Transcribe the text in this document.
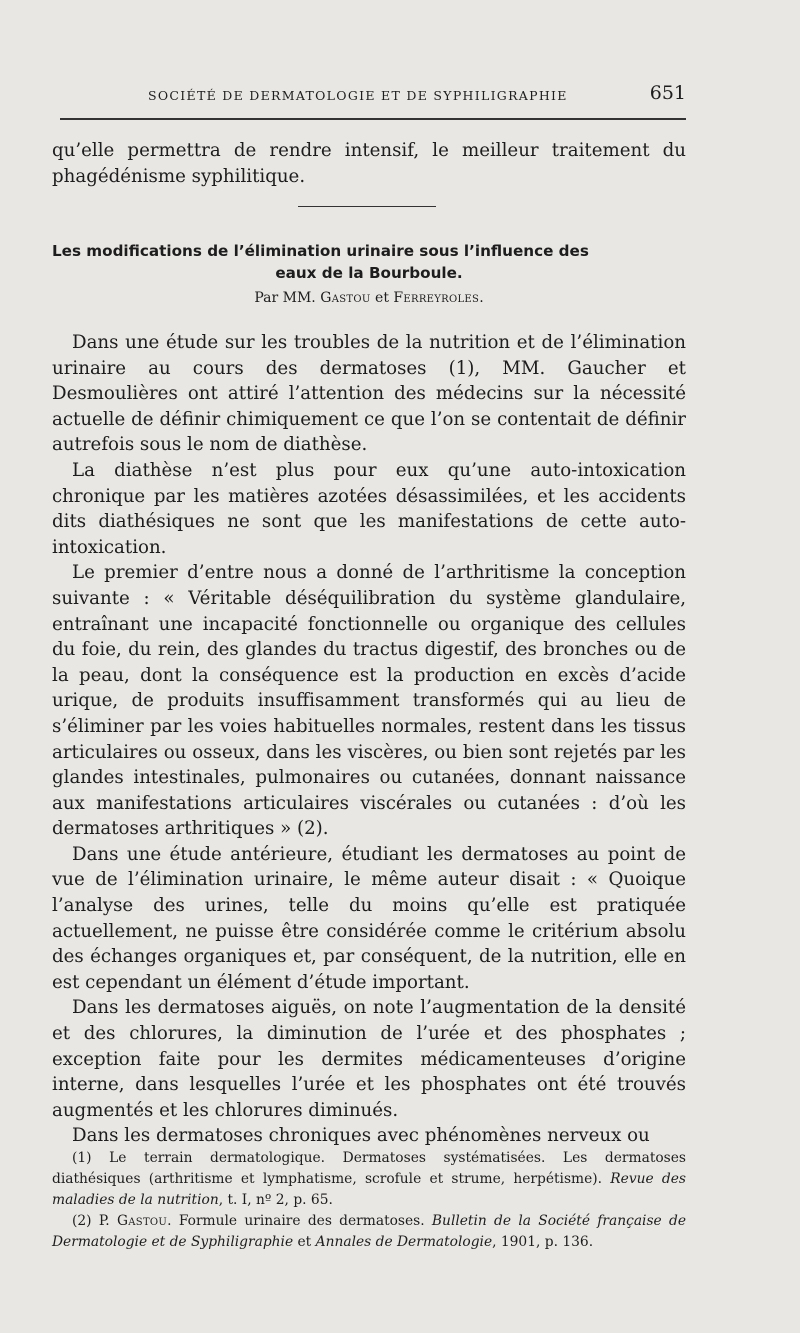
SOCIÉTÉ DE DERMATOLOGIE ET DE SYPHILIGRAPHIE	651

qu’elle permettra de rendre intensif, le meilleur traitement du phagédénisme syphilitique.

Les modifications de l’élimination urinaire sous l’influence des
eaux de la Bourboule.
Par MM. Gastou et Ferreyroles.

Dans une étude sur les troubles de la nutrition et de l’élimination urinaire au cours des dermatoses (1), MM. Gaucher et Desmoulières ont attiré l’attention des médecins sur la nécessité actuelle de définir chimiquement ce que l’on se contentait de définir autrefois sous le nom de diathèse.

La diathèse n’est plus pour eux qu’une auto-intoxication chronique par les matières azotées désassimilées, et les accidents dits diathésiques ne sont que les manifestations de cette auto-intoxication.

Le premier d’entre nous a donné de l’arthritisme la conception suivante : « Véritable déséquilibration du système glandulaire, entraînant une incapacité fonctionnelle ou organique des cellules du foie, du rein, des glandes du tractus digestif, des bronches ou de la peau, dont la conséquence est la production en excès d’acide urique, de produits insuffisamment transformés qui au lieu de s’éliminer par les voies habituelles normales, restent dans les tissus articulaires ou osseux, dans les viscères, ou bien sont rejetés par les glandes intestinales, pulmonaires ou cutanées, donnant naissance aux manifestations articulaires viscérales ou cutanées : d’où les dermatoses arthritiques » (2).

Dans une étude antérieure, étudiant les dermatoses au point de vue de l’élimination urinaire, le même auteur disait : « Quoique l’analyse des urines, telle du moins qu’elle est pratiquée actuellement, ne puisse être considérée comme le critérium absolu des échanges organiques et, par conséquent, de la nutrition, elle en est cependant un élément d’étude important.

Dans les dermatoses aiguës, on note l’augmentation de la densité et des chlorures, la diminution de l’urée et des phosphates ; exception faite pour les dermites médicamenteuses d’origine interne, dans lesquelles l’urée et les phosphates ont été trouvés augmentés et les chlorures diminués.

Dans les dermatoses chroniques avec phénomènes nerveux ou

(1) Le terrain dermatologique. Dermatoses systématisées. Les dermatoses diathésiques (arthritisme et lymphatisme, scrofule et strume, herpétisme). Revue des maladies de la nutrition, t. I, nº 2, p. 65.

(2) P. Gastou. Formule urinaire des dermatoses. Bulletin de la Société française de Dermatologie et de Syphiligraphie et Annales de Dermatologie, 1901, p. 136.
